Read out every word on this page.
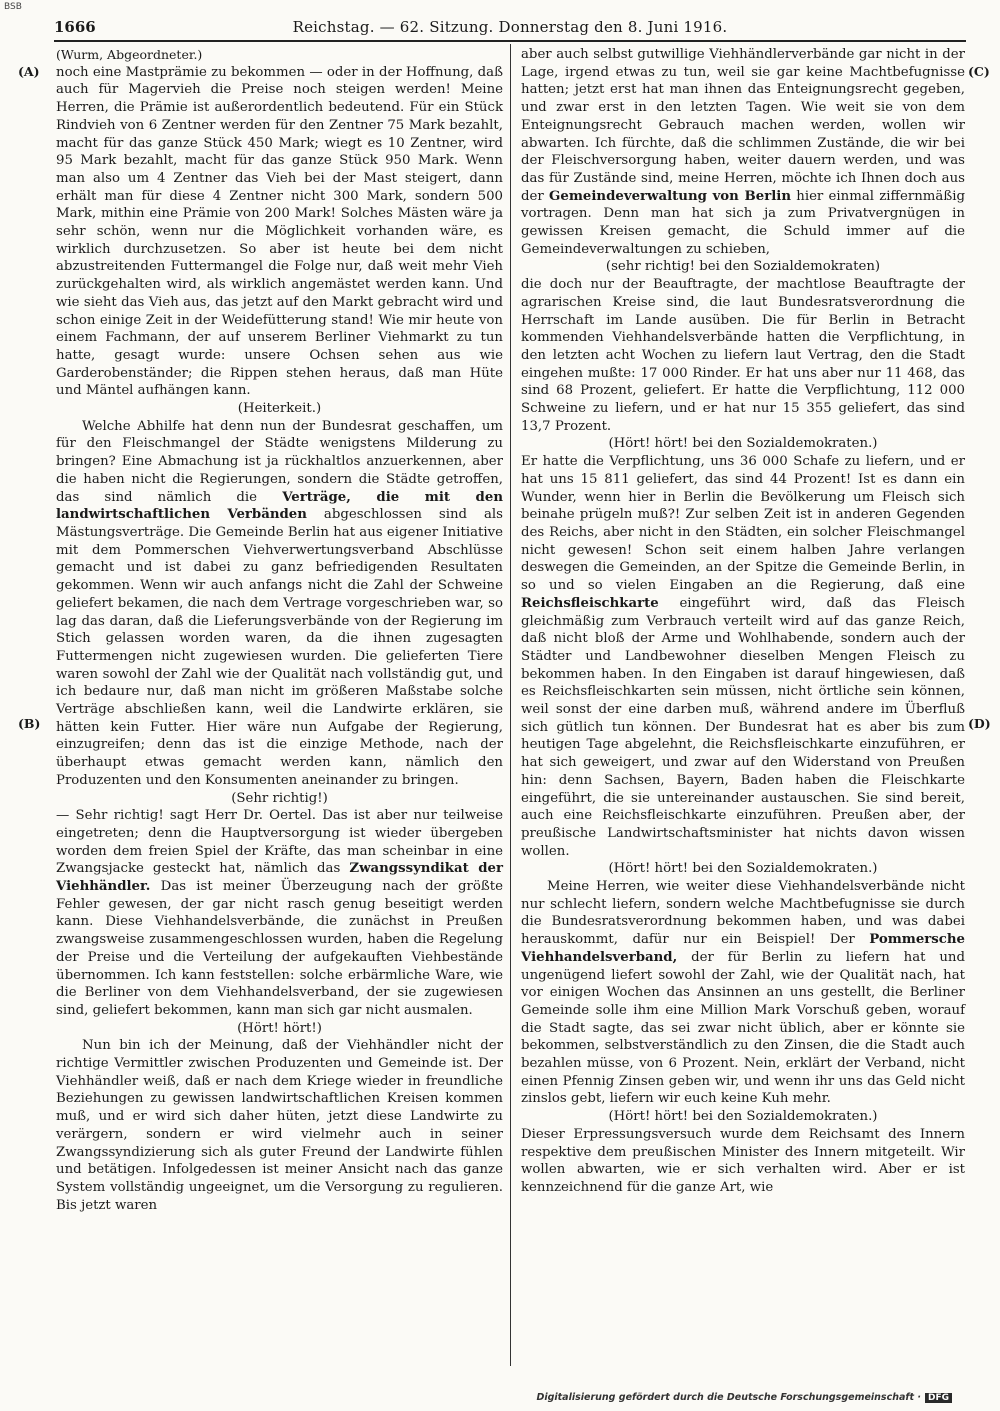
BSB
1666	Reichstag. — 62. Sitzung. Donnerstag den 8. Juni 1916.
(A)
(B)
(C)
(D)

(Wurm, Abgeordneter.)

noch eine Mastprämie zu bekommen — oder in der Hoffnung, daß auch für Magervieh die Preise noch steigen werden! Meine Herren, die Prämie ist außerordentlich bedeutend. Für ein Stück Rindvieh von 6 Zentner werden für den Zentner 75 Mark bezahlt, macht für das ganze Stück 450 Mark; wiegt es 10 Zentner, wird 95 Mark bezahlt, macht für das ganze Stück 950 Mark. Wenn man also um 4 Zentner das Vieh bei der Mast steigert, dann erhält man für diese 4 Zentner nicht 300 Mark, sondern 500 Mark, mithin eine Prämie von 200 Mark! Solches Mästen wäre ja sehr schön, wenn nur die Möglichkeit vorhanden wäre, es wirklich durchzusetzen. So aber ist heute bei dem nicht abzustreitenden Futtermangel die Folge nur, daß weit mehr Vieh zurückgehalten wird, als wirklich angemästet werden kann. Und wie sieht das Vieh aus, das jetzt auf den Markt gebracht wird und schon einige Zeit in der Weidefütterung stand! Wie mir heute von einem Fachmann, der auf unserem Berliner Viehmarkt zu tun hatte, gesagt wurde: unsere Ochsen sehen aus wie Garderobenständer; die Rippen stehen heraus, daß man Hüte und Mäntel aufhängen kann.

(Heiterkeit.)

Welche Abhilfe hat denn nun der Bundesrat geschaffen, um für den Fleischmangel der Städte wenigstens Milderung zu bringen? Eine Abmachung ist ja rückhaltlos anzuerkennen, aber die haben nicht die Regierungen, sondern die Städte getroffen, das sind nämlich die Verträge, die mit den landwirtschaftlichen Verbänden abgeschlossen sind als Mästungsverträge. Die Gemeinde Berlin hat aus eigener Initiative mit dem Pommerschen Viehverwertungsverband Abschlüsse gemacht und ist dabei zu ganz befriedigenden Resultaten gekommen. Wenn wir auch anfangs nicht die Zahl der Schweine geliefert bekamen, die nach dem Vertrage vorgeschrieben war, so lag das daran, daß die Lieferungsverbände von der Regierung im Stich gelassen worden waren, da die ihnen zugesagten Futtermengen nicht zugewiesen wurden. Die gelieferten Tiere waren sowohl der Zahl wie der Qualität nach vollständig gut, und ich bedaure nur, daß man nicht im größeren Maßstabe solche Verträge abschließen kann, weil die Landwirte erklären, sie hätten kein Futter. Hier wäre nun Aufgabe der Regierung, einzugreifen; denn das ist die einzige Methode, nach der überhaupt etwas gemacht werden kann, nämlich den Produzenten und den Konsumenten aneinander zu bringen.

(Sehr richtig!)

— Sehr richtig! sagt Herr Dr. Oertel. Das ist aber nur teilweise eingetreten; denn die Hauptversorgung ist wieder übergeben worden dem freien Spiel der Kräfte, das man scheinbar in eine Zwangsjacke gesteckt hat, nämlich das Zwangssyndikat der Viehhändler. Das ist meiner Überzeugung nach der größte Fehler gewesen, der gar nicht rasch genug beseitigt werden kann. Diese Viehhandelsverbände, die zunächst in Preußen zwangsweise zusammengeschlossen wurden, haben die Regelung der Preise und die Verteilung der aufgekauften Viehbestände übernommen. Ich kann feststellen: solche erbärmliche Ware, wie die Berliner von dem Viehhandelsverband, der sie zugewiesen sind, geliefert bekommen, kann man sich gar nicht ausmalen.

(Hört! hört!)

Nun bin ich der Meinung, daß der Viehhändler nicht der richtige Vermittler zwischen Produzenten und Gemeinde ist. Der Viehhändler weiß, daß er nach dem Kriege wieder in freundliche Beziehungen zu gewissen landwirtschaftlichen Kreisen kommen muß, und er wird sich daher hüten, jetzt diese Landwirte zu verärgern, sondern er wird vielmehr auch in seiner Zwangssyndizierung sich als guter Freund der Landwirte fühlen und betätigen. Infolgedessen ist meiner Ansicht nach das ganze System vollständig ungeeignet, um die Versorgung zu regulieren. Bis jetzt waren

aber auch selbst gutwillige Viehhändlerverbände gar nicht in der Lage, irgend etwas zu tun, weil sie gar keine Machtbefugnisse hatten; jetzt erst hat man ihnen das Enteignungsrecht gegeben, und zwar erst in den letzten Tagen. Wie weit sie von dem Enteignungsrecht Gebrauch machen werden, wollen wir abwarten. Ich fürchte, daß die schlimmen Zustände, die wir bei der Fleischversorgung haben, weiter dauern werden, und was das für Zustände sind, meine Herren, möchte ich Ihnen doch aus der Gemeindeverwaltung von Berlin hier einmal ziffernmäßig vortragen. Denn man hat sich ja zum Privatvergnügen in gewissen Kreisen gemacht, die Schuld immer auf die Gemeindeverwaltungen zu schieben,

(sehr richtig! bei den Sozialdemokraten)

die doch nur der Beauftragte, der machtlose Beauftragte der agrarischen Kreise sind, die laut Bundesratsverordnung die Herrschaft im Lande ausüben. Die für Berlin in Betracht kommenden Viehhandelsverbände hatten die Verpflichtung, in den letzten acht Wochen zu liefern laut Vertrag, den die Stadt eingehen mußte: 17 000 Rinder. Er hat uns aber nur 11 468, das sind 68 Prozent, geliefert. Er hatte die Verpflichtung, 112 000 Schweine zu liefern, und er hat nur 15 355 geliefert, das sind 13,7 Prozent.

(Hört! hört! bei den Sozialdemokraten.)

Er hatte die Verpflichtung, uns 36 000 Schafe zu liefern, und er hat uns 15 811 geliefert, das sind 44 Prozent! Ist es dann ein Wunder, wenn hier in Berlin die Bevölkerung um Fleisch sich beinahe prügeln muß?! Zur selben Zeit ist in anderen Gegenden des Reichs, aber nicht in den Städten, ein solcher Fleischmangel nicht gewesen! Schon seit einem halben Jahre verlangen deswegen die Gemeinden, an der Spitze die Gemeinde Berlin, in so und so vielen Eingaben an die Regierung, daß eine Reichsfleischkarte eingeführt wird, daß das Fleisch gleichmäßig zum Verbrauch verteilt wird auf das ganze Reich, daß nicht bloß der Arme und Wohlhabende, sondern auch der Städter und Landbewohner dieselben Mengen Fleisch zu bekommen haben. In den Eingaben ist darauf hingewiesen, daß es Reichsfleischkarten sein müssen, nicht örtliche sein können, weil sonst der eine darben muß, während andere im Überfluß sich gütlich tun können. Der Bundesrat hat es aber bis zum heutigen Tage abgelehnt, die Reichsfleischkarte einzuführen, er hat sich geweigert, und zwar auf den Widerstand von Preußen hin: denn Sachsen, Bayern, Baden haben die Fleischkarte eingeführt, die sie untereinander austauschen. Sie sind bereit, auch eine Reichsfleischkarte einzuführen. Preußen aber, der preußische Landwirtschaftsminister hat nichts davon wissen wollen.

(Hört! hört! bei den Sozialdemokraten.)

Meine Herren, wie weiter diese Viehhandelsverbände nicht nur schlecht liefern, sondern welche Machtbefugnisse sie durch die Bundesratsverordnung bekommen haben, und was dabei herauskommt, dafür nur ein Beispiel! Der Pommersche Viehhandelsverband, der für Berlin zu liefern hat und ungenügend liefert sowohl der Zahl, wie der Qualität nach, hat vor einigen Wochen das Ansinnen an uns gestellt, die Berliner Gemeinde solle ihm eine Million Mark Vorschuß geben, worauf die Stadt sagte, das sei zwar nicht üblich, aber er könnte sie bekommen, selbstverständlich zu den Zinsen, die die Stadt auch bezahlen müsse, von 6 Prozent. Nein, erklärt der Verband, nicht einen Pfennig Zinsen geben wir, und wenn ihr uns das Geld nicht zinslos gebt, liefern wir euch keine Kuh mehr.

(Hört! hört! bei den Sozialdemokraten.)

Dieser Erpressungsversuch wurde dem Reichsamt des Innern respektive dem preußischen Minister des Innern mitgeteilt. Wir wollen abwarten, wie er sich verhalten wird. Aber er ist kennzeichnend für die ganze Art, wie

Digitalisierung gefördert durch die Deutsche Forschungsgemeinschaft · DFG
